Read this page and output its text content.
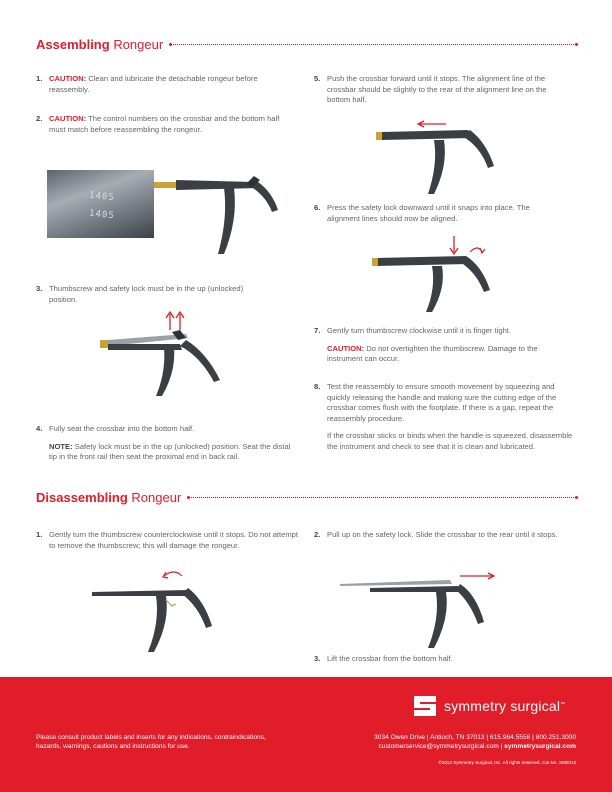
Assembling Rongeur
1. CAUTION: Clean and lubricate the detachable rongeur before reassembly.
2. CAUTION: The control numbers on the crossbar and the bottom half must match before reassembling the rongeur.
1405
1405
3. Thumbscrew and safety lock must be in the up (unlocked) position.
4. Fully seat the crossbar into the bottom half.
NOTE: Safety lock must be in the up (unlocked) position. Seat the distal tip in the front rail then seat the proximal end in back rail.
5. Push the crossbar forward until it stops. The alignment line of the crossbar should be slightly to the rear of the alignment line on the bottom half.
6. Press the safety lock downward until it snaps into place. The alignment lines should now be aligned.
7. Gently turn thumbscrew clockwise until it is finger tight.
CAUTION: Do not overtighten the thumbscrew. Damage to the instrument can occur.
8. Test the reassembly to ensure smooth movement by squeezing and quickly releasing the handle and making sure the cutting edge of the crossbar comes flush with the footplate. If there is a gap, repeat the reassembly procedure.
If the crossbar sticks or binds when the handle is squeezed, disassemble the instrument and check to see that it is clean and lubricated.
Disassembling Rongeur
1. Gently turn the thumbscrew counterclockwise until it stops. Do not attempt to remove the thumbscrew; this will damage the rongeur.
2. Pull up on the safety lock. Slide the crossbar to the rear until it stops.
3. Lift the crossbar from the bottom half.
symmetry surgical™
Please consult product labels and inserts for any indications, contraindications, hazards, warnings, cautions and instructions for use.
3034 Owen Drive | Antioch, TN 37013 | 615.964.5558 | 800.251.3000
customerservice@symmetrysurgical.com | symmetrysurgical.com
©2012 Symmetry Surgical, Inc. All rights reserved. Cat No. SM0013
